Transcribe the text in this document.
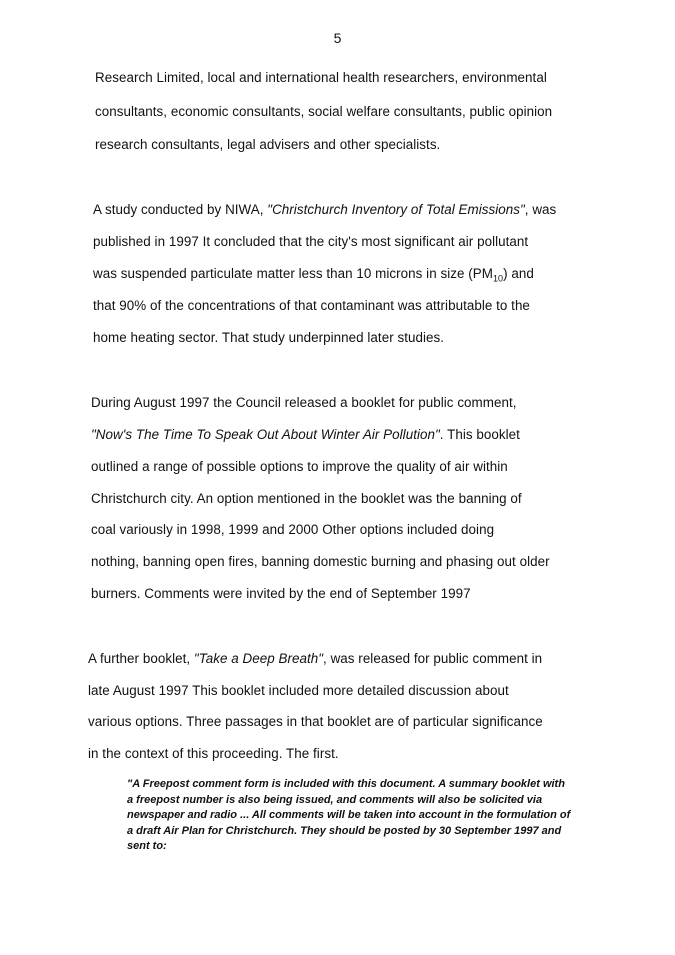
5
Research Limited, local and international health researchers, environmental
consultants, economic consultants, social welfare consultants, public opinion
research consultants, legal advisers and other specialists.
A study conducted by NIWA, "Christchurch Inventory of Total Emissions", was
published in 1997 It concluded that the city's most significant air pollutant
was suspended particulate matter less than 10 microns in size $(PM_{10})$ and
that 90% of the concentrations of that contaminant was attributable to the
home heating sector. That study underpinned later studies.
During August 1997 the Council released a booklet for public comment,
"Now's The Time To Speak Out About Winter Air Pollution". This booklet
outlined a range of possible options to improve the quality of air within
Christchurch city. An option mentioned in the booklet was the banning of
coal variously in 1998, 1999 and 2000 Other options included doing
nothing, banning open fires, banning domestic burning and phasing out older
burners. Comments were invited by the end of September 1997
A further booklet, "Take a Deep Breath", was released for public comment in
late August 1997 This booklet included more detailed discussion about
various options. Three passages in that booklet are of particular significance
in the context of this proceeding. The first.
"A Freepost comment form is included with this document. A summary booklet with
a freepost number is also being issued, and comments will also be solicited via
newspaper and radio ... All comments will be taken into account in the formulation of
a draft Air Plan for Christchurch. They should be posted by 30 September 1997 and
sent to:
